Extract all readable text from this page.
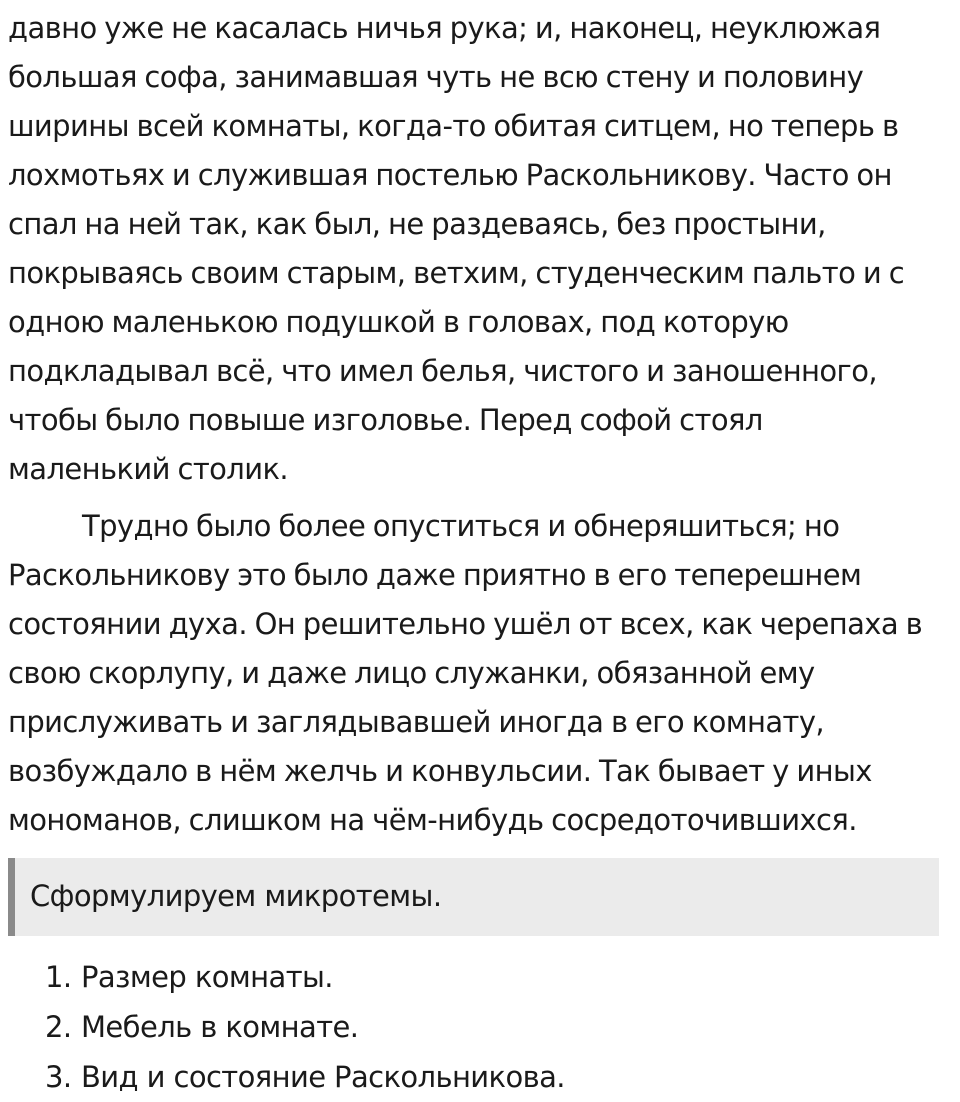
давно уже не касалась ничья рука; и, наконец, неуклюжая
большая софа, занимавшая чуть не всю стену и половину
ширины всей комнаты, когда-то обитая ситцем, но теперь в
лохмотьях и служившая постелью Раскольникову. Часто он
спал на ней так, как был, не раздеваясь, без простыни,
покрываясь своим старым, ветхим, студенческим пальто и с
одною маленькою подушкой в головах, под которую
подкладывал всё, что имел белья, чистого и заношенного,
чтобы было повыше изголовье. Перед софой стоял
маленький столик.
Трудно было более опуститься и обнеряшиться; но
Раскольникову это было даже приятно в его теперешнем
состоянии духа. Он решительно ушёл от всех, как черепаха в
свою скорлупу, и даже лицо служанки, обязанной ему
прислуживать и заглядывавшей иногда в его комнату,
возбуждало в нём желчь и конвульсии. Так бывает у иных
мономанов, слишком на чём-нибудь сосредоточившихся.
Сформулируем микротемы.
1. Размер комнаты.
2. Мебель в комнате.
3. Вид и состояние Раскольникова.
